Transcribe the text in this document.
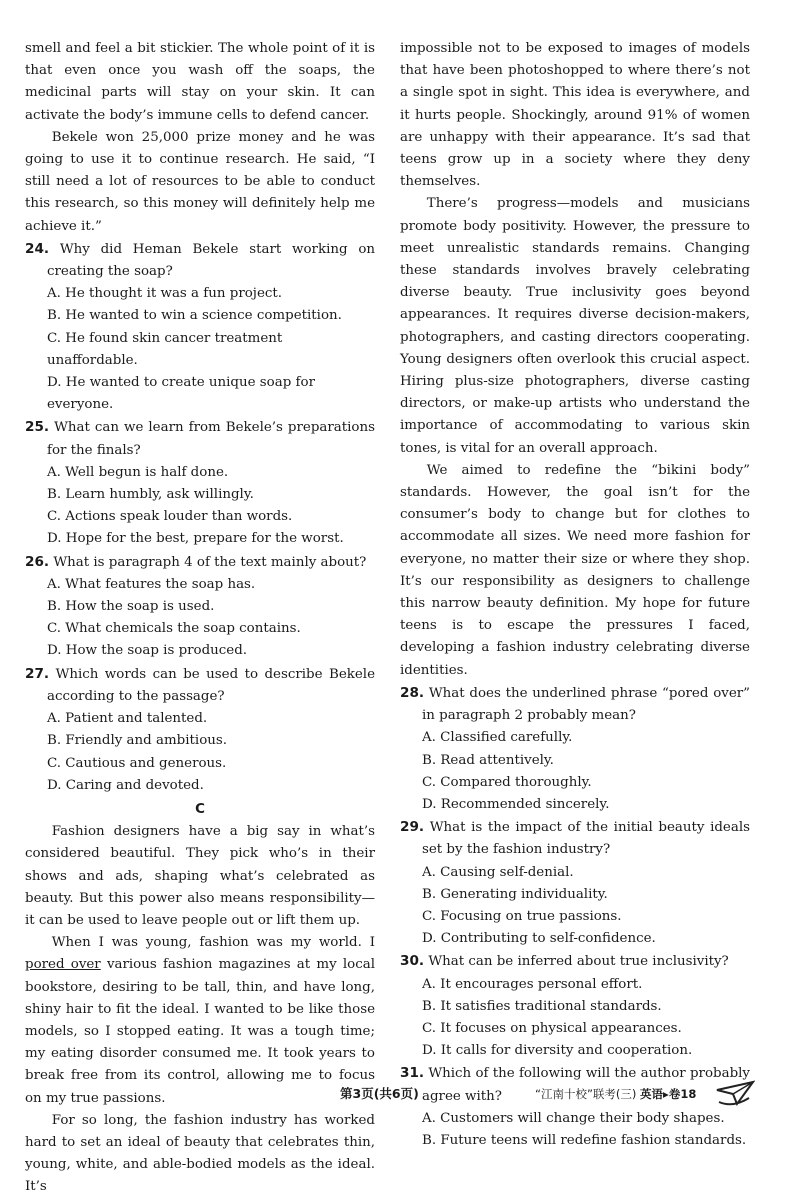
smell and feel a bit stickier. The whole point of it is that even once you wash off the soaps, the medicinal parts will stay on your skin. It can activate the body’s immune cells to defend cancer.

Bekele won 25,000 prize money and he was going to use it to continue research. He said, “I still need a lot of resources to be able to conduct this research, so this money will definitely help me achieve it.”

24. Why did Heman Bekele start working on creating the soap?

A. He thought it was a fun project.

B. He wanted to win a science competition.

C. He found skin cancer treatment unaffordable.

D. He wanted to create unique soap for everyone.

25. What can we learn from Bekele’s preparations for the finals?

A. Well begun is half done.

B. Learn humbly, ask willingly.

C. Actions speak louder than words.

D. Hope for the best, prepare for the worst.

26. What is paragraph 4 of the text mainly about?

A. What features the soap has.

B. How the soap is used.

C. What chemicals the soap contains.

D. How the soap is produced.

27. Which words can be used to describe Bekele according to the passage?

A. Patient and talented.

B. Friendly and ambitious.

C. Cautious and generous.

D. Caring and devoted.

C

Fashion designers have a big say in what’s considered beautiful. They pick who’s in their shows and ads, shaping what’s celebrated as beauty. But this power also means responsibility—it can be used to leave people out or lift them up.

When I was young, fashion was my world. I pored over various fashion magazines at my local bookstore, desiring to be tall, thin, and have long, shiny hair to fit the ideal. I wanted to be like those models, so I stopped eating. It was a tough time; my eating disorder consumed me. It took years to break free from its control, allowing me to focus on my true passions.

For so long, the fashion industry has worked hard to set an ideal of beauty that celebrates thin, young, white, and able-bodied models as the ideal. It’s

impossible not to be exposed to images of models that have been photoshopped to where there’s not a single spot in sight. This idea is everywhere, and it hurts people. Shockingly, around 91% of women are unhappy with their appearance. It’s sad that teens grow up in a society where they deny themselves.

There’s progress—models and musicians promote body positivity. However, the pressure to meet unrealistic standards remains. Changing these standards involves bravely celebrating diverse beauty. True inclusivity goes beyond appearances. It requires diverse decision-makers, photographers, and casting directors cooperating. Young designers often overlook this crucial aspect. Hiring plus-size photographers, diverse casting directors, or make-up artists who understand the importance of accommodating to various skin tones, is vital for an overall approach.

We aimed to redefine the “bikini body” standards. However, the goal isn’t for the consumer’s body to change but for clothes to accommodate all sizes. We need more fashion for everyone, no matter their size or where they shop. It’s our responsibility as designers to challenge this narrow beauty definition. My hope for future teens is to escape the pressures I faced, developing a fashion industry celebrating diverse identities.

28. What does the underlined phrase “pored over” in paragraph 2 probably mean?

A. Classified carefully.

B. Read attentively.

C. Compared thoroughly.

D. Recommended sincerely.

29. What is the impact of the initial beauty ideals set by the fashion industry?

A. Causing self-denial.

B. Generating individuality.

C. Focusing on true passions.

D. Contributing to self-confidence.

30. What can be inferred about true inclusivity?

A. It encourages personal effort.

B. It satisfies traditional standards.

C. It focuses on physical appearances.

D. It calls for diversity and cooperation.

31. Which of the following will the author probably agree with?

A. Customers will change their body shapes.

B. Future teens will redefine fashion standards.

第3页(共6页)	“江南十校”联考(三) 英语▸卷18
